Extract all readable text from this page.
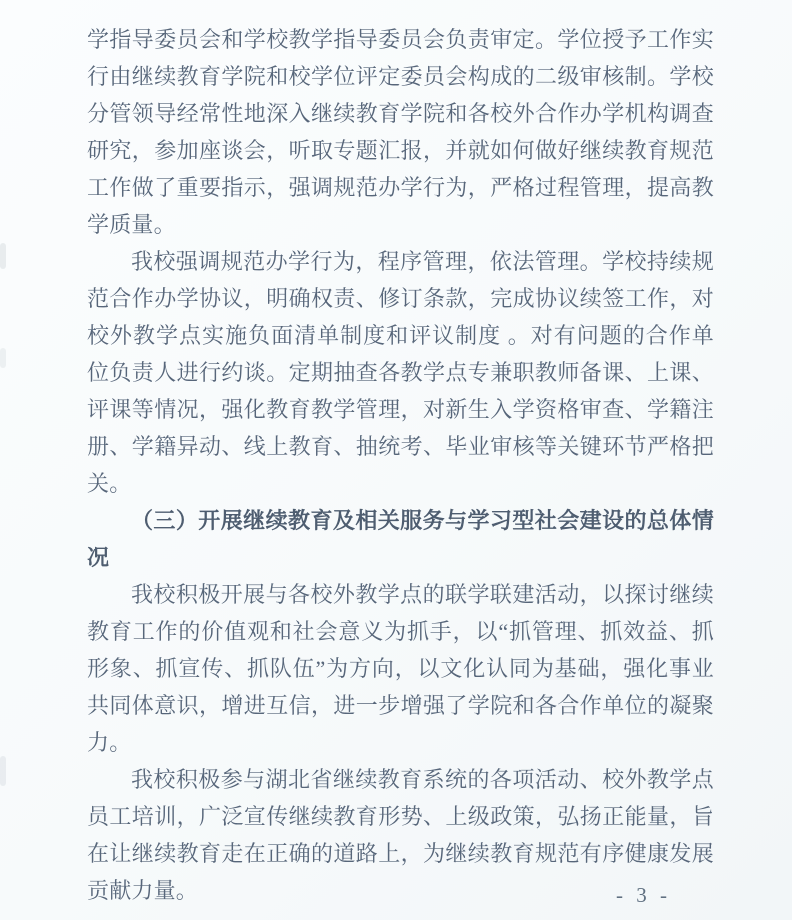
学指导委员会和学校教学指导委员会负责审定。学位授予工作实行由继续教育学院和校学位评定委员会构成的二级审核制。学校分管领导经常性地深入继续教育学院和各校外合作办学机构调查研究，参加座谈会，听取专题汇报，并就如何做好继续教育规范工作做了重要指示，强调规范办学行为，严格过程管理，提高教学质量。

我校强调规范办学行为，程序管理，依法管理。学校持续规范合作办学协议，明确权责、修订条款，完成协议续签工作，对校外教学点实施负面清单制度和评议制度 。对有问题的合作单位负责人进行约谈。定期抽查各教学点专兼职教师备课、上课、评课等情况，强化教育教学管理，对新生入学资格审查、学籍注册、学籍异动、线上教育、抽统考、毕业审核等关键环节严格把关。

（三）开展继续教育及相关服务与学习型社会建设的总体情况

我校积极开展与各校外教学点的联学联建活动，以探讨继续教育工作的价值观和社会意义为抓手，以“抓管理、抓效益、抓形象、抓宣传、抓队伍”为方向，以文化认同为基础，强化事业共同体意识，增进互信，进一步增强了学院和各合作单位的凝聚力。

我校积极参与湖北省继续教育系统的各项活动、校外教学点员工培训，广泛宣传继续教育形势、上级政策，弘扬正能量，旨在让继续教育走在正确的道路上，为继续教育规范有序健康发展贡献力量。	- 3 -
